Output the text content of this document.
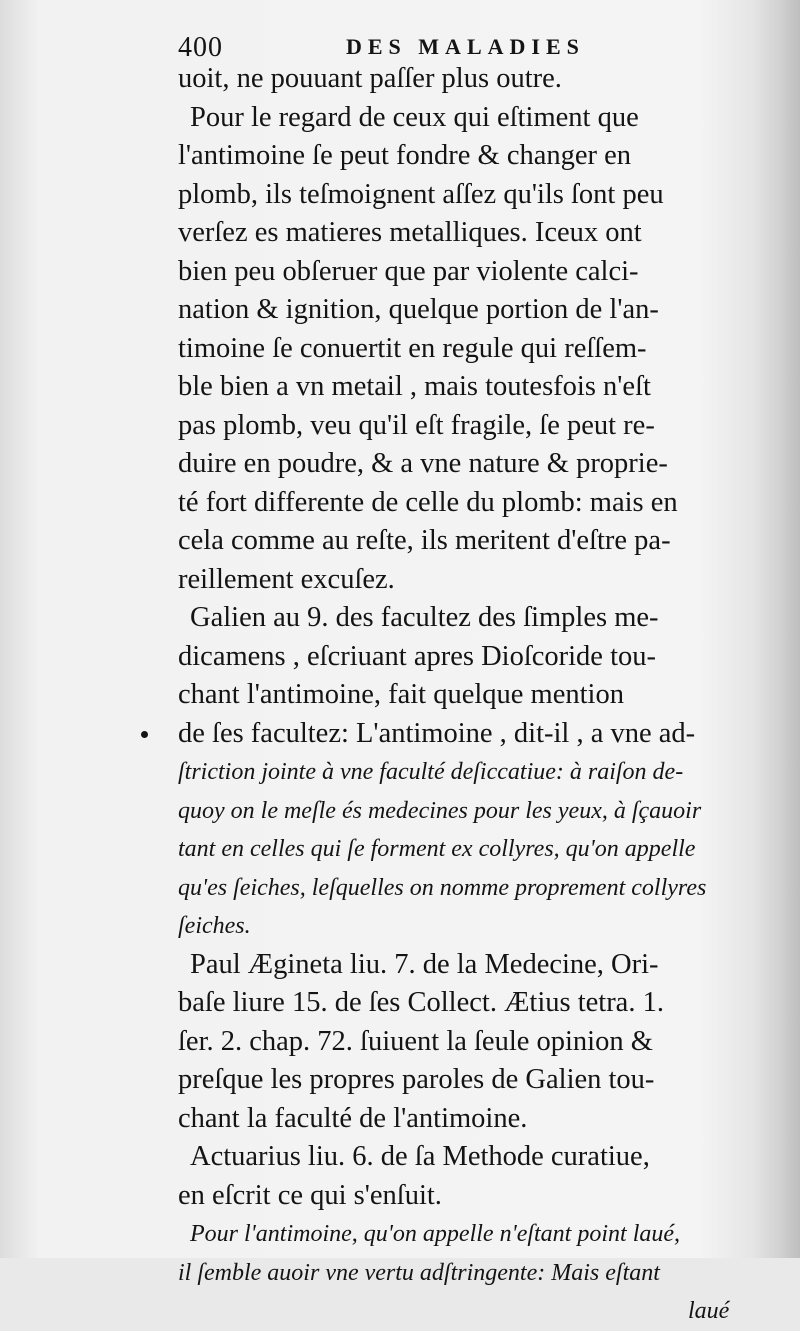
400	DES MALADIES
uoit, ne pouuant paſſer plus outre.
Pour le regard de ceux qui eſtiment que
l'antimoine ſe peut fondre & changer en
plomb, ils teſmoignent aſſez qu'ils ſont peu
verſez es matieres metalliques. Iceux ont
bien peu obſeruer que par violente calci-
nation & ignition, quelque portion de l'an-
timoine ſe conuertit en regule qui reſſem-
ble bien a vn metail , mais toutesfois n'eſt
pas plomb, veu qu'il eſt fragile, ſe peut re-
duire en poudre, & a vne nature & proprie-
té fort differente de celle du plomb: mais en
cela comme au reſte, ils meritent d'eſtre pa-
reillement excuſez.
Galien au 9. des facultez des ſimples me-
dicamens , eſcriuant apres Dioſcoride tou-
chant l'antimoine, fait quelque mention
de ſes facultez: L'antimoine , dit-il , a vne ad-
ſtriction jointe à vne faculté deſiccatiue: à raiſon de-
quoy on le meſle és medecines pour les yeux, à ſçauoir
tant en celles qui ſe forment ex collyres, qu'on appelle
qu'es ſeiches, leſquelles on nomme proprement collyres
ſeiches.
Paul Ægineta liu. 7. de la Medecine, Ori-
baſe liure 15. de ſes Collect. Ætius tetra. 1.
ſer. 2. chap. 72. ſuiuent la ſeule opinion &
preſque les propres paroles de Galien tou-
chant la faculté de l'antimoine.
Actuarius liu. 6. de ſa Methode curatiue,
en eſcrit ce qui s'enſuit.
Pour l'antimoine, qu'on appelle n'eſtant point laué,
il ſemble auoir vne vertu adſtringente: Mais eſtant
laué
